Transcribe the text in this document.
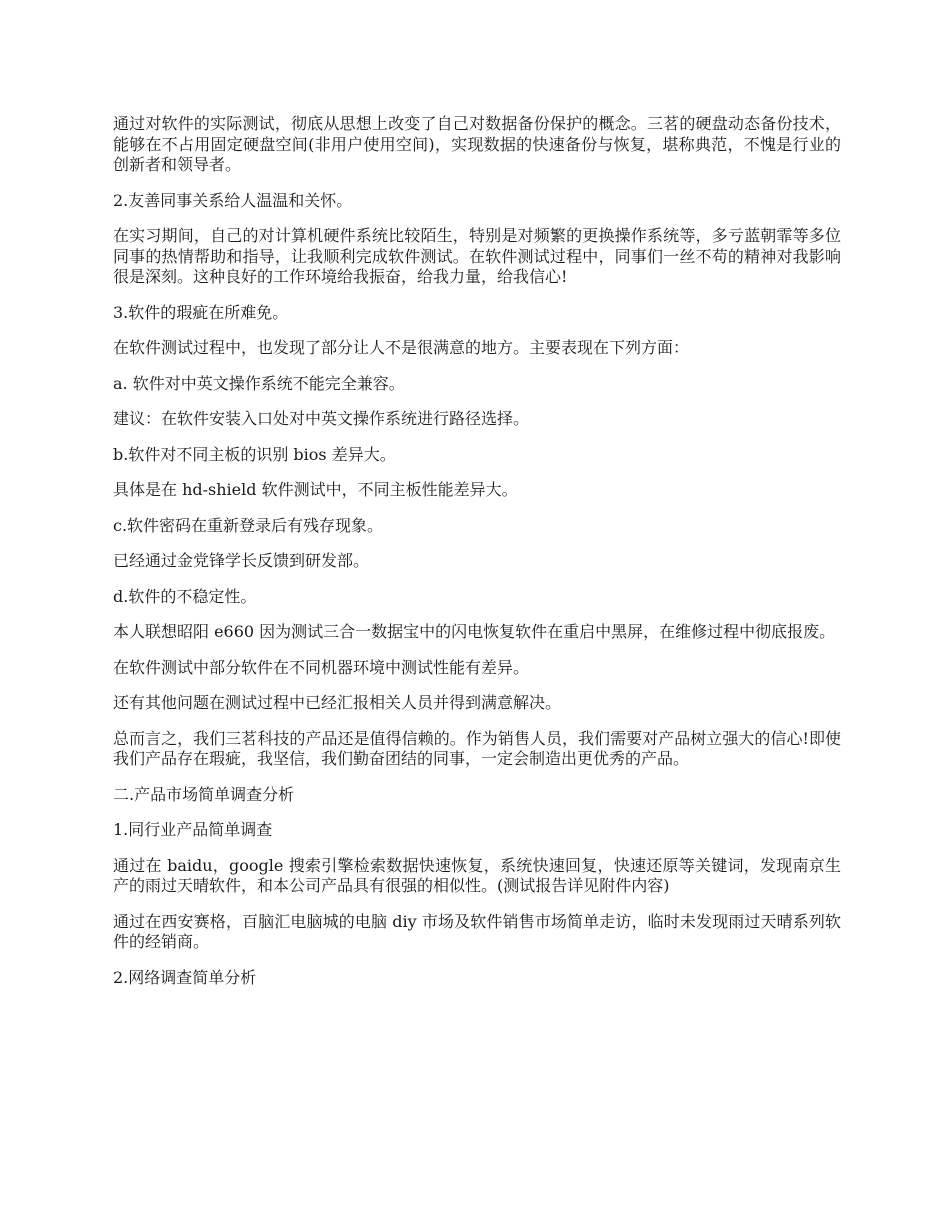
通过对软件的实际测试，彻底从思想上改变了自己对数据备份保护的概念。三茗的硬盘动态备份技术，能够在不占用固定硬盘空间(非用户使用空间)，实现数据的快速备份与恢复，堪称典范，不愧是行业的创新者和领导者。

2.友善同事关系给人温温和关怀。

在实习期间，自己的对计算机硬件系统比较陌生，特别是对频繁的更换操作系统等，多亏蓝朝霏等多位同事的热情帮助和指导，让我顺利完成软件测试。在软件测试过程中，同事们一丝不苟的精神对我影响很是深刻。这种良好的工作环境给我振奋，给我力量，给我信心!

3.软件的瑕疵在所难免。

在软件测试过程中，也发现了部分让人不是很满意的地方。主要表现在下列方面：

a. 软件对中英文操作系统不能完全兼容。

建议：在软件安装入口处对中英文操作系统进行路径选择。

b.软件对不同主板的识别 bios 差异大。

具体是在 hd-shield 软件测试中，不同主板性能差异大。

c.软件密码在重新登录后有残存现象。

已经通过金党锋学长反馈到研发部。

d.软件的不稳定性。

本人联想昭阳 e660 因为测试三合一数据宝中的闪电恢复软件在重启中黑屏，在维修过程中彻底报废。

在软件测试中部分软件在不同机器环境中测试性能有差异。

还有其他问题在测试过程中已经汇报相关人员并得到满意解决。

总而言之，我们三茗科技的产品还是值得信赖的。作为销售人员，我们需要对产品树立强大的信心!即使我们产品存在瑕疵，我坚信，我们勤奋团结的同事，一定会制造出更优秀的产品。

二.产品市场简单调查分析

1.同行业产品简单调查

通过在 baidu，google 搜索引擎检索数据快速恢复，系统快速回复，快速还原等关键词，发现南京生产的雨过天晴软件，和本公司产品具有很强的相似性。(测试报告详见附件内容)

通过在西安赛格，百脑汇电脑城的电脑 diy 市场及软件销售市场简单走访，临时未发现雨过天晴系列软件的经销商。

2.网络调查简单分析
